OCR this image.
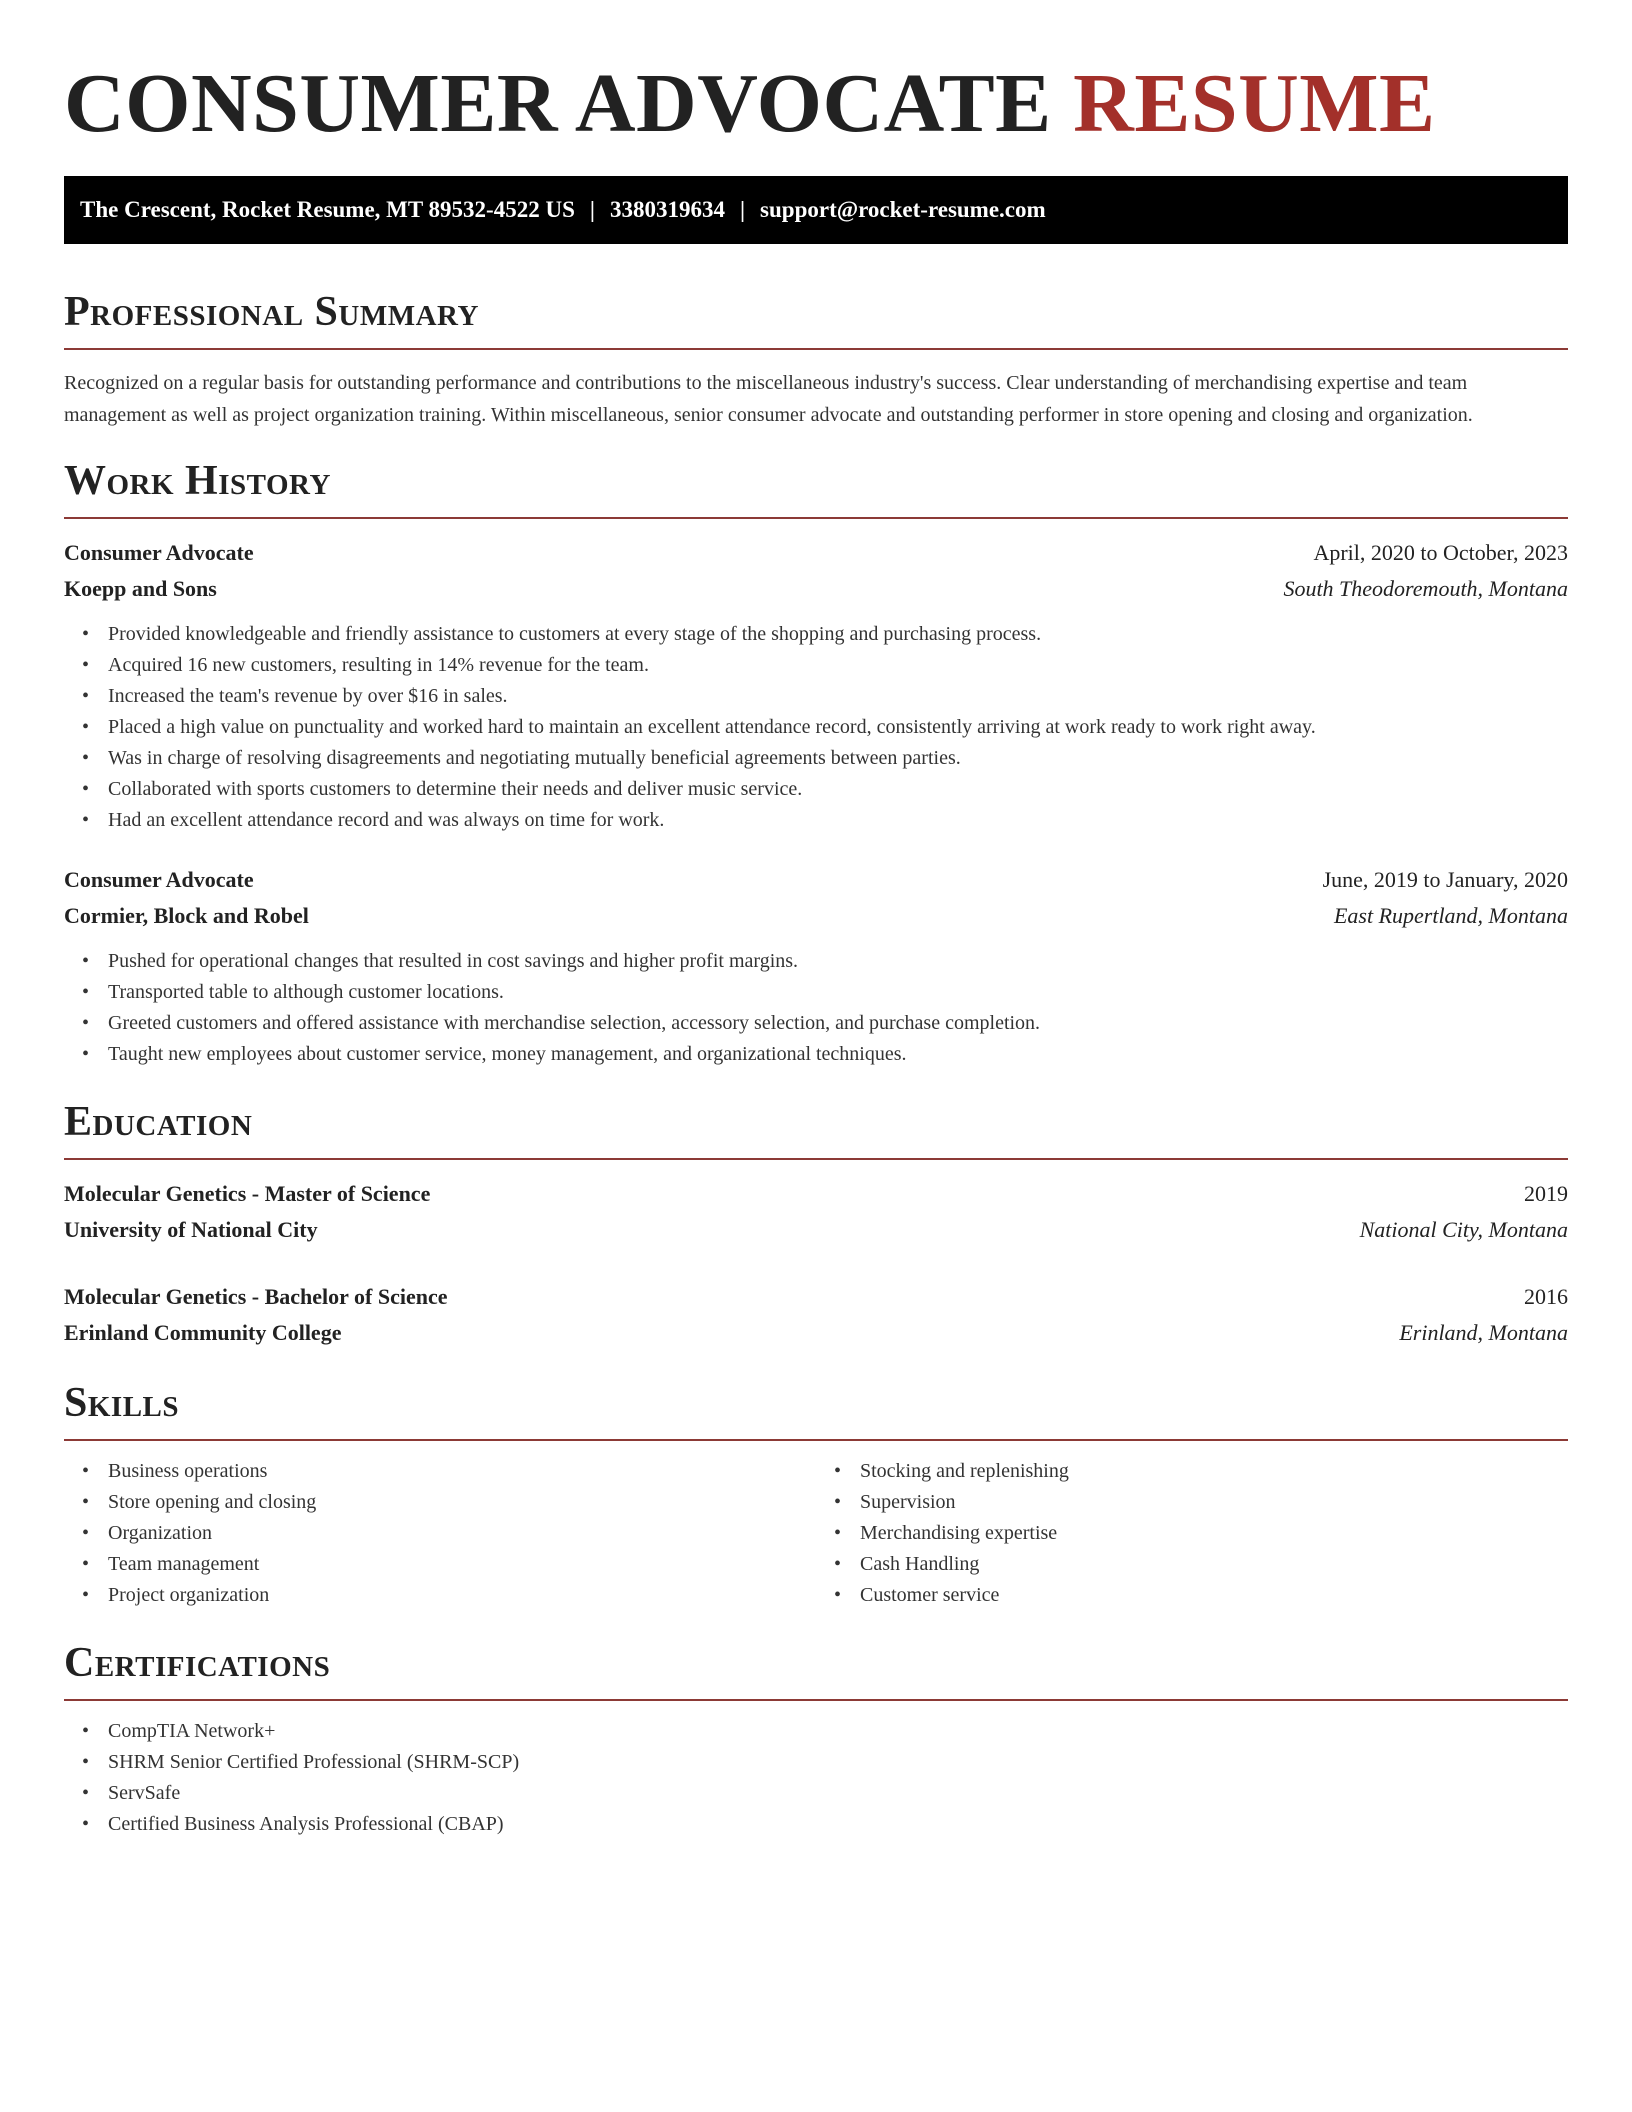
CONSUMER ADVOCATE RESUME
The Crescent, Rocket Resume, MT 89532-4522 US | 3380319634 | support@rocket-resume.com
Professional Summary

Recognized on a regular basis for outstanding performance and contributions to the miscellaneous industry's success. Clear understanding of merchandising expertise and team management as well as project organization training. Within miscellaneous, senior consumer advocate and outstanding performer in store opening and closing and organization.

Work History
Consumer Advocate	April, 2020 to October, 2023
Koepp and Sons	South Theodoremouth, Montana
• Provided knowledgeable and friendly assistance to customers at every stage of the shopping and purchasing process.
• Acquired 16 new customers, resulting in 14% revenue for the team.
• Increased the team's revenue by over $16 in sales.
• Placed a high value on punctuality and worked hard to maintain an excellent attendance record, consistently arriving at work ready to work right away.
• Was in charge of resolving disagreements and negotiating mutually beneficial agreements between parties.
• Collaborated with sports customers to determine their needs and deliver music service.
• Had an excellent attendance record and was always on time for work.
Consumer Advocate	June, 2019 to January, 2020
Cormier, Block and Robel	East Rupertland, Montana
• Pushed for operational changes that resulted in cost savings and higher profit margins.
• Transported table to although customer locations.
• Greeted customers and offered assistance with merchandise selection, accessory selection, and purchase completion.
• Taught new employees about customer service, money management, and organizational techniques.
Education
Molecular Genetics - Master of Science	2019
University of National City	National City, Montana
Molecular Genetics - Bachelor of Science	2016
Erinland Community College	Erinland, Montana
Skills
• Business operations
• Store opening and closing
• Organization
• Team management
• Project organization
• Stocking and replenishing
• Supervision
• Merchandising expertise
• Cash Handling
• Customer service
Certifications
• CompTIA Network+
• SHRM Senior Certified Professional (SHRM-SCP)
• ServSafe
• Certified Business Analysis Professional (CBAP)
